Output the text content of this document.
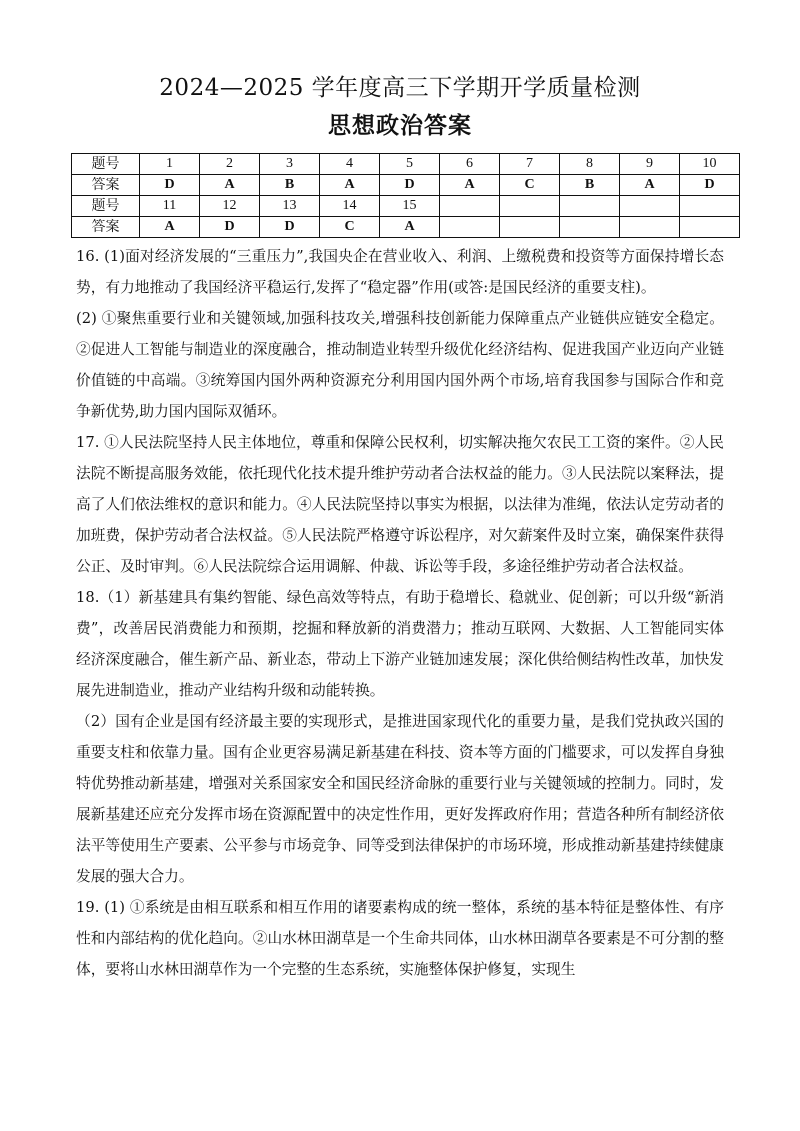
2024—2025 学年度高三下学期开学质量检测
思想政治答案
题号	1	2	3	4	5	6	7	8	9	10
答案	D	A	B	A	D	A	C	B	A	D
题号	11	12	13	14	15					
答案	A	D	D	C	A					

16. (1)面对经济发展的“三重压力”,我国央企在营业收入、利润、上缴税费和投资等方面保持增长态势，有力地推动了我国经济平稳运行,发挥了“稳定器”作用(或答:是国民经济的重要支柱)。

(2) ①聚焦重要行业和关键领域,加强科技攻关,增强科技创新能力保障重点产业链供应链安全稳定。②促进人工智能与制造业的深度融合，推动制造业转型升级优化经济结构、促进我国产业迈向产业链价值链的中高端。③统筹国内国外两种资源充分利用国内国外两个市场,培育我国参与国际合作和竞争新优势,助力国内国际双循环。

17. ①人民法院坚持人民主体地位，尊重和保障公民权利，切实解决拖欠农民工工资的案件。②人民法院不断提高服务效能，依托现代化技术提升维护劳动者合法权益的能力。③人民法院以案释法，提高了人们依法维权的意识和能力。④人民法院坚持以事实为根据，以法律为准绳，依法认定劳动者的加班费，保护劳动者合法权益。⑤人民法院严格遵守诉讼程序，对欠薪案件及时立案，确保案件获得公正、及时审判。⑥人民法院综合运用调解、仲裁、诉讼等手段，多途径维护劳动者合法权益。

18.（1）新基建具有集约智能、绿色高效等特点，有助于稳增长、稳就业、促创新；可以升级“新消费”，改善居民消费能力和预期，挖掘和释放新的消费潜力；推动互联网、大数据、人工智能同实体经济深度融合，催生新产品、新业态，带动上下游产业链加速发展；深化供给侧结构性改革，加快发展先进制造业，推动产业结构升级和动能转换。

（2）国有企业是国有经济最主要的实现形式，是推进国家现代化的重要力量，是我们党执政兴国的重要支柱和依靠力量。国有企业更容易满足新基建在科技、资本等方面的门槛要求，可以发挥自身独特优势推动新基建，增强对关系国家安全和国民经济命脉的重要行业与关键领域的控制力。同时，发展新基建还应充分发挥市场在资源配置中的决定性作用，更好发挥政府作用；营造各种所有制经济依法平等使用生产要素、公平参与市场竞争、同等受到法律保护的市场环境，形成推动新基建持续健康发展的强大合力。

19. (1) ①系统是由相互联系和相互作用的诸要素构成的统一整体，系统的基本特征是整体性、有序性和内部结构的优化趋向。②山水林田湖草是一个生命共同体，山水林田湖草各要素是不可分割的整体，要将山水林田湖草作为一个完整的生态系统，实施整体保护修复，实现生
